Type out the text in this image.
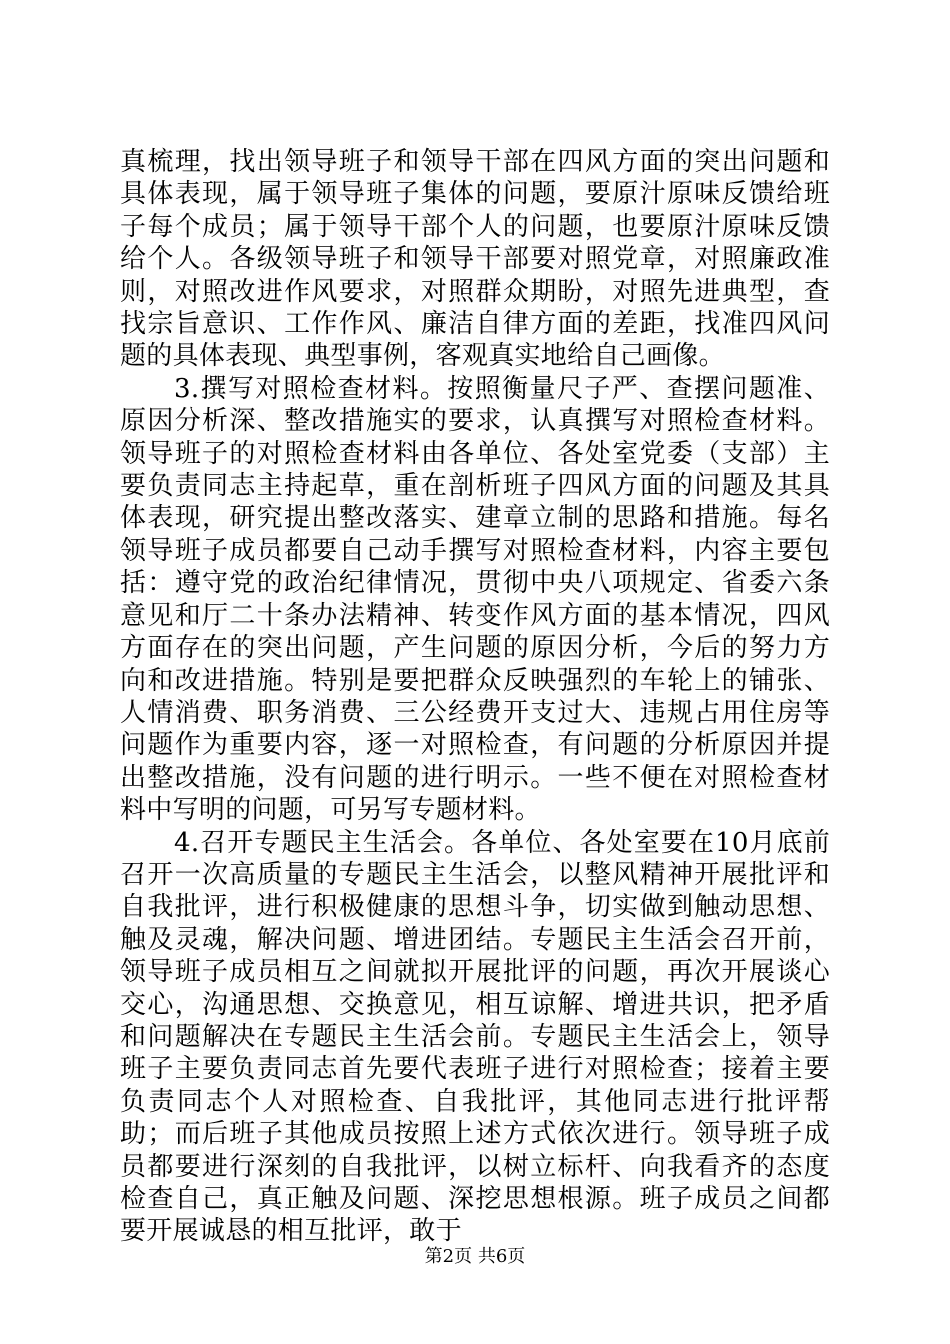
真梳理，找出领导班子和领导干部在四风方面的突出问题和具体表现，属于领导班子集体的问题，要原汁原味反馈给班子每个成员；属于领导干部个人的问题，也要原汁原味反馈给个人。各级领导班子和领导干部要对照党章，对照廉政准则，对照改进作风要求，对照群众期盼，对照先进典型，查找宗旨意识、工作作风、廉洁自律方面的差距，找准四风问题的具体表现、典型事例，客观真实地给自己画像。

3.撰写对照检查材料。按照衡量尺子严、查摆问题准、原因分析深、整改措施实的要求，认真撰写对照检查材料。领导班子的对照检查材料由各单位、各处室党委（支部）主要负责同志主持起草，重在剖析班子四风方面的问题及其具体表现，研究提出整改落实、建章立制的思路和措施。每名领导班子成员都要自己动手撰写对照检查材料，内容主要包括：遵守党的政治纪律情况，贯彻中央八项规定、省委六条意见和厅二十条办法精神、转变作风方面的基本情况，四风方面存在的突出问题，产生问题的原因分析，今后的努力方向和改进措施。特别是要把群众反映强烈的车轮上的铺张、人情消费、职务消费、三公经费开支过大、违规占用住房等问题作为重要内容，逐一对照检查，有问题的分析原因并提出整改措施，没有问题的进行明示。一些不便在对照检查材料中写明的问题，可另写专题材料。

4.召开专题民主生活会。各单位、各处室要在10月底前召开一次高质量的专题民主生活会，以整风精神开展批评和自我批评，进行积极健康的思想斗争，切实做到触动思想、触及灵魂，解决问题、增进团结。专题民主生活会召开前，领导班子成员相互之间就拟开展批评的问题，再次开展谈心交心，沟通思想、交换意见，相互谅解、增进共识，把矛盾和问题解决在专题民主生活会前。专题民主生活会上，领导班子主要负责同志首先要代表班子进行对照检查；接着主要负责同志个人对照检查、自我批评，其他同志进行批评帮助；而后班子其他成员按照上述方式依次进行。领导班子成员都要进行深刻的自我批评，以树立标杆、向我看齐的态度检查自己，真正触及问题、深挖思想根源。班子成员之间都要开展诚恳的相互批评，敢于

第2页 共6页
